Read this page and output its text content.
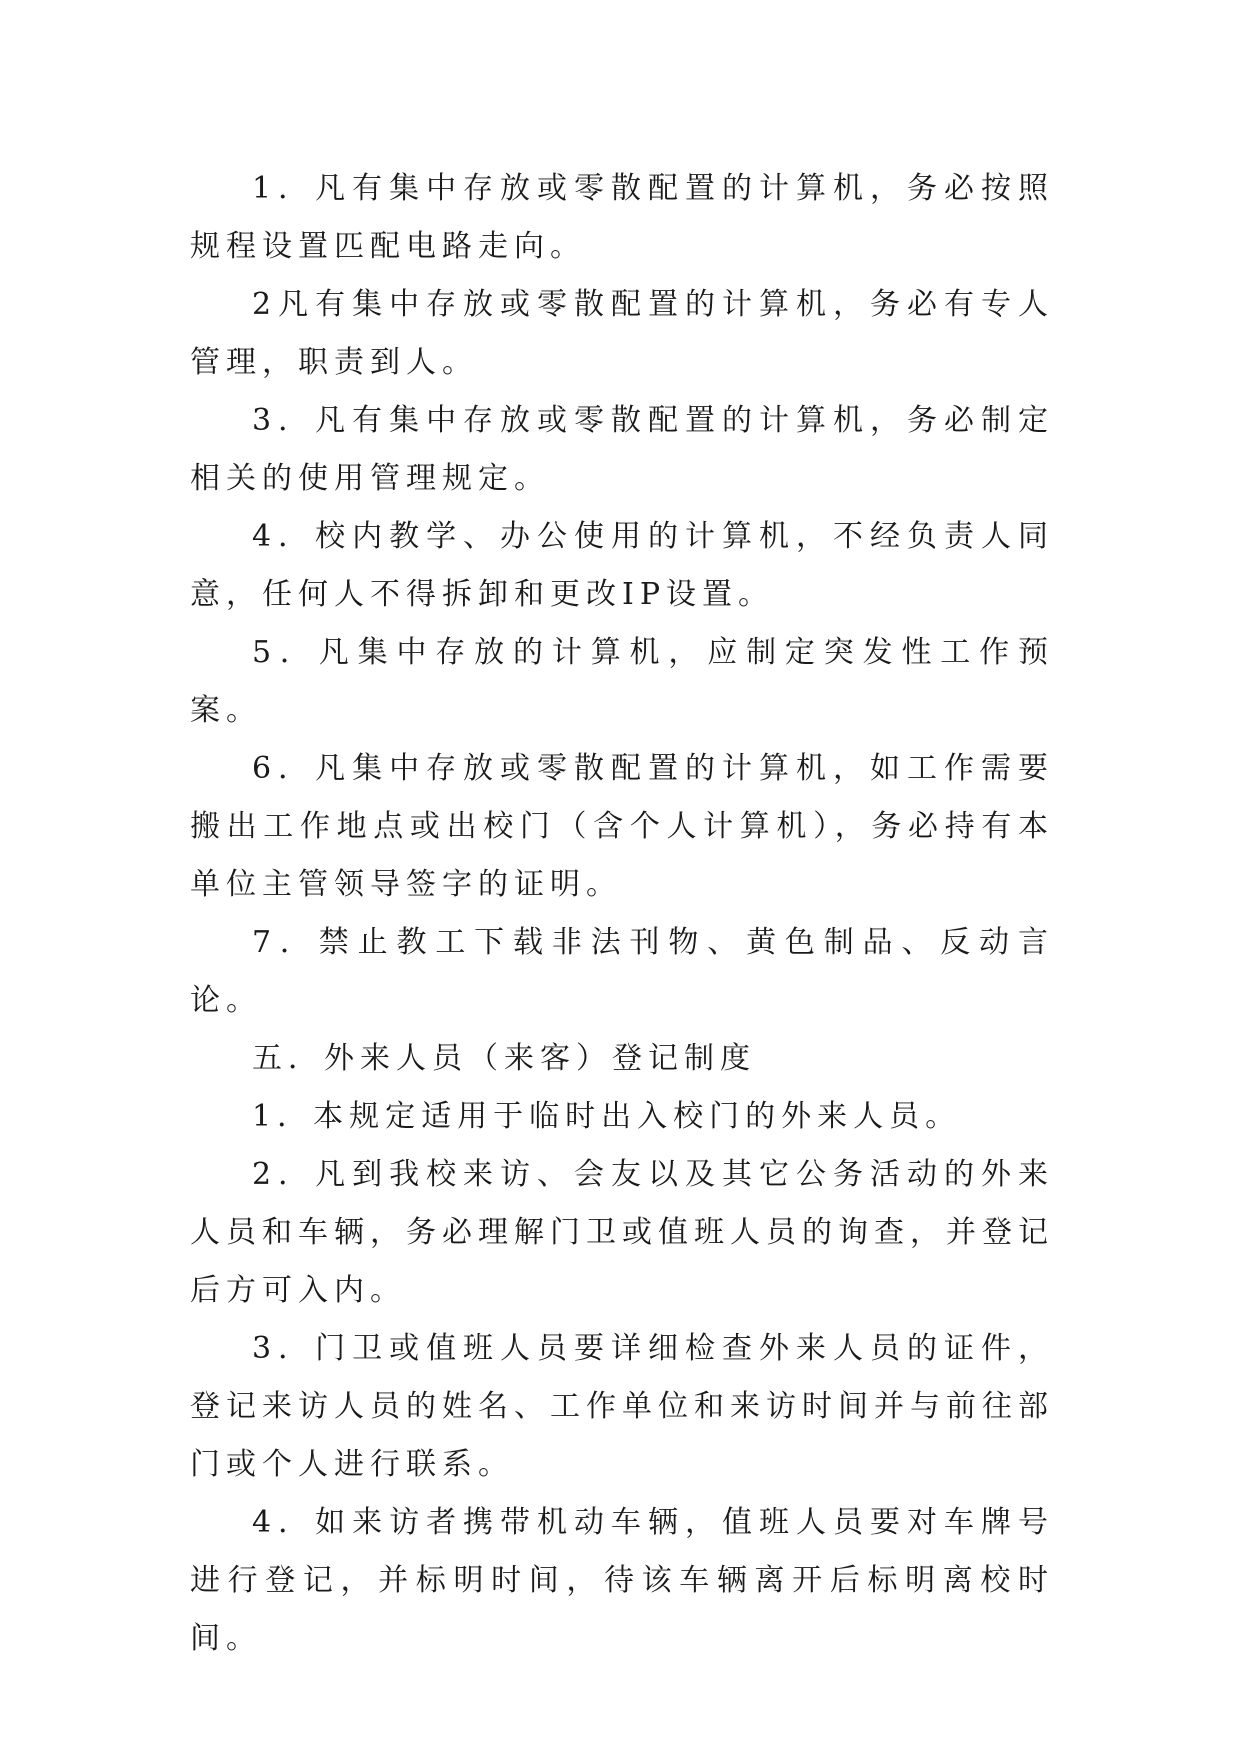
1．凡有集中存放或零散配置的计算机，务必按照规程设置匹配电路走向。

2凡有集中存放或零散配置的计算机，务必有专人管理，职责到人。

3．凡有集中存放或零散配置的计算机，务必制定相关的使用管理规定。

4．校内教学、办公使用的计算机，不经负责人同意，任何人不得拆卸和更改IP设置。

5．凡集中存放的计算机，应制定突发性工作预案。

6．凡集中存放或零散配置的计算机，如工作需要搬出工作地点或出校门（含个人计算机），务必持有本单位主管领导签字的证明。

7．禁止教工下载非法刊物、黄色制品、反动言论。

五．外来人员（来客）登记制度

1．本规定适用于临时出入校门的外来人员。

2．凡到我校来访、会友以及其它公务活动的外来人员和车辆，务必理解门卫或值班人员的询查，并登记后方可入内。

3．门卫或值班人员要详细检查外来人员的证件，登记来访人员的姓名、工作单位和来访时间并与前往部门或个人进行联系。

4．如来访者携带机动车辆，值班人员要对车牌号进行登记，并标明时间，待该车辆离开后标明离校时间。
